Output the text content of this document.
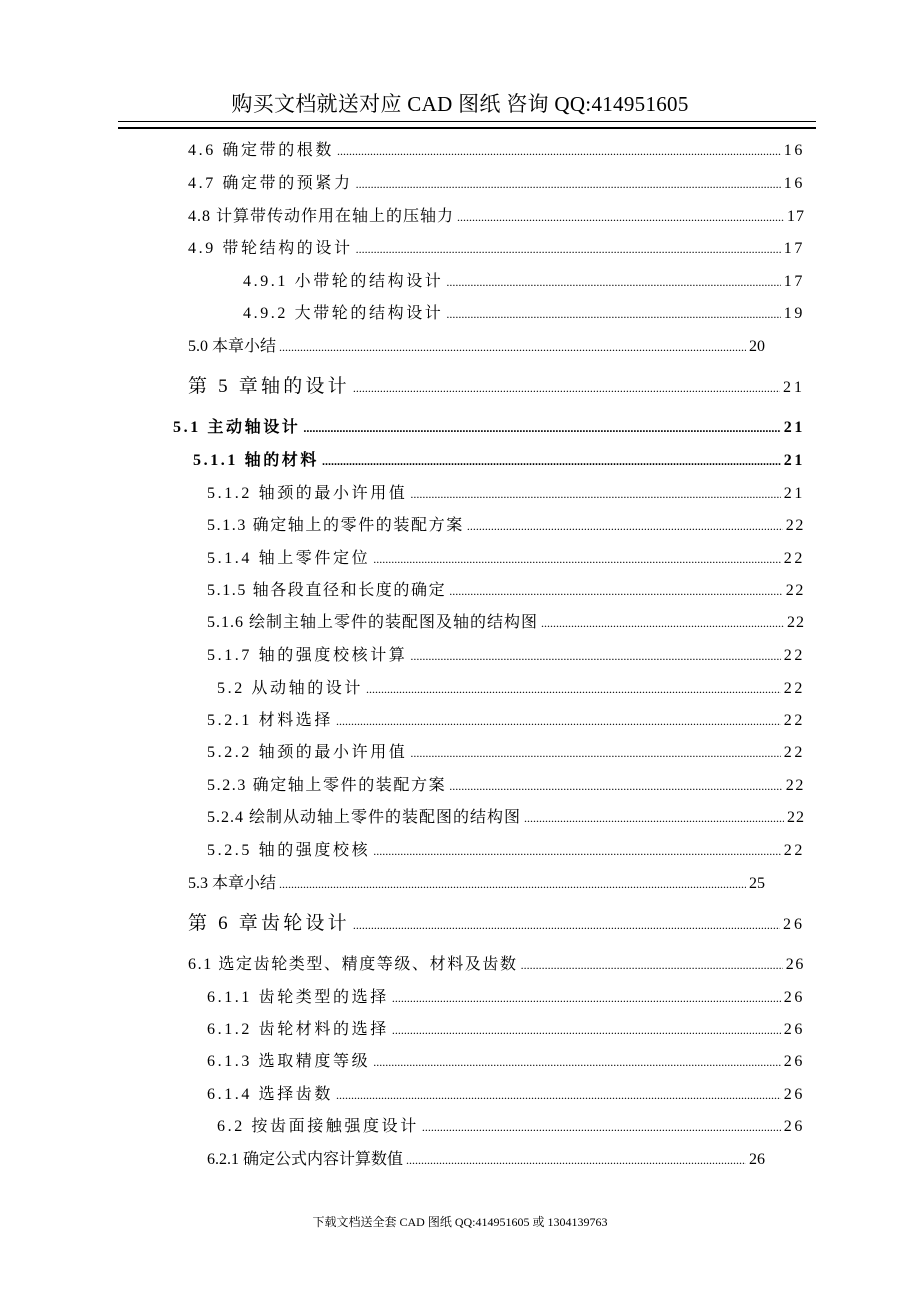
购买文档就送对应 CAD 图纸 咨询 QQ:414951605
4.6 确定带的根数 .....	16
4.7 确定带的预紧力 .....	16
4.8 计算带传动作用在轴上的压轴力 .....	17
4.9 带轮结构的设计 .....	17
4.9.1 小带轮的结构设计 .....	17
4.9.2 大带轮的结构设计 .....	19
5.0 本章小结 .....	20
第 5 章轴的设计 .....	21
5.1 主动轴设计 .....	21
5.1.1 轴的材料 .....	21
5.1.2 轴颈的最小许用值 .....	21
5.1.3 确定轴上的零件的装配方案 .....	22
5.1.4 轴上零件定位 .....	22
5.1.5 轴各段直径和长度的确定 .....	22
5.1.6 绘制主轴上零件的装配图及轴的结构图 .....	22
5.1.7 轴的强度校核计算 .....	22
5.2 从动轴的设计 .....	22
5.2.1 材料选择 .....	22
5.2.2 轴颈的最小许用值 .....	22
5.2.3 确定轴上零件的装配方案 .....	22
5.2.4 绘制从动轴上零件的装配图的结构图 .....	22
5.2.5 轴的强度校核 .....	22
5.3 本章小结 .....	25
第 6 章齿轮设计 .....	26
6.1 选定齿轮类型、精度等级、材料及齿数 .....	26
6.1.1 齿轮类型的选择 .....	26
6.1.2 齿轮材料的选择 .....	26
6.1.3 选取精度等级 .....	26
6.1.4 选择齿数 .....	26
6.2 按齿面接触强度设计 .....	26
6.2.1 确定公式内容计算数值 .....	26
下载文档送全套 CAD 图纸 QQ:414951605 或 1304139763
